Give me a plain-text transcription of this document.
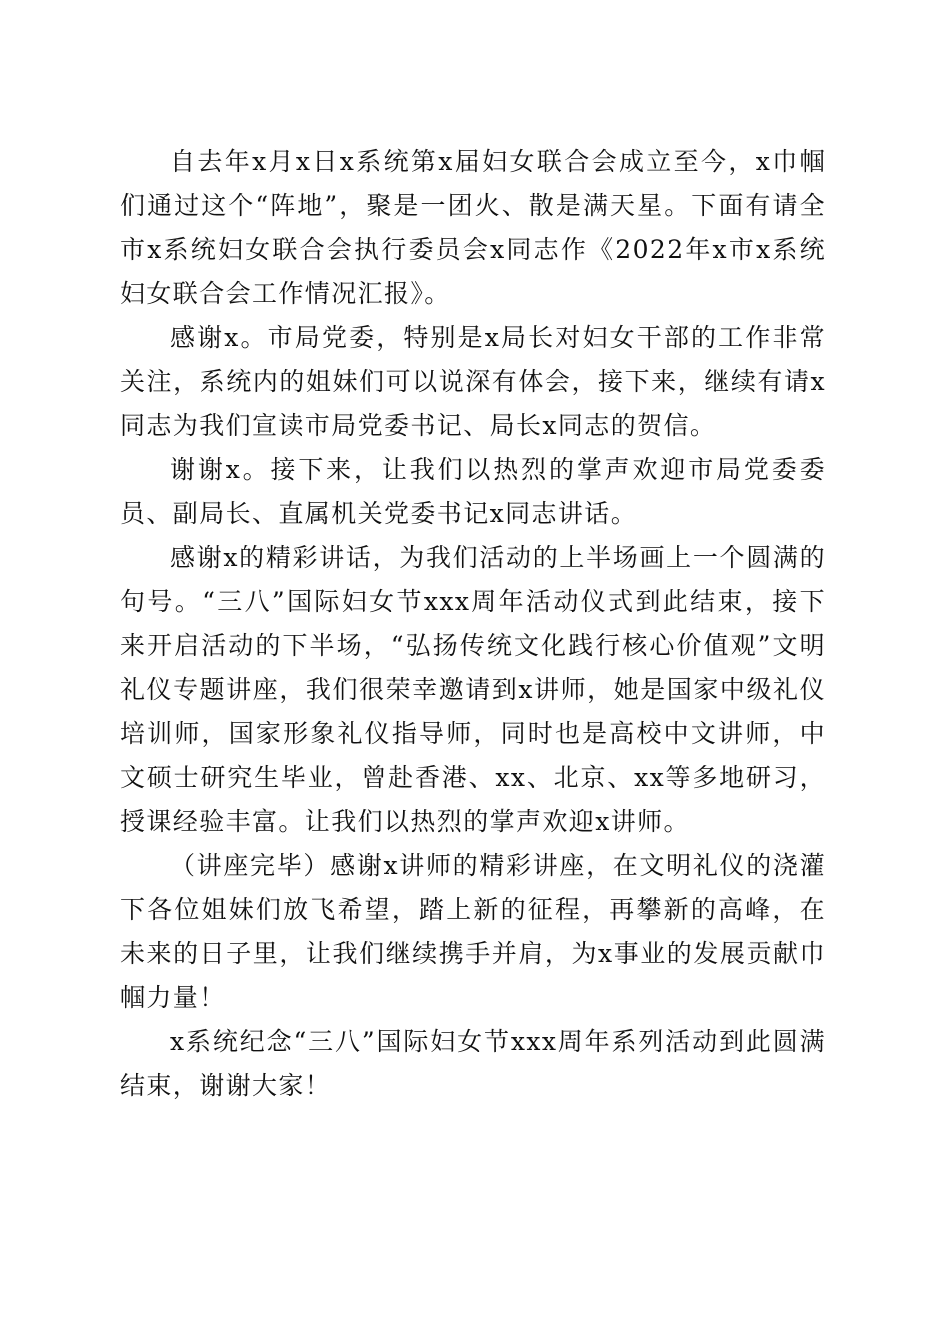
自去年x月x日x系统第x届妇女联合会成立至今，x巾帼们通过这个“阵地”，聚是一团火、散是满天星。下面有请全市x系统妇女联合会执行委员会x同志作《2022年x市x系统妇女联合会工作情况汇报》。

感谢x。市局党委，特别是x局长对妇女干部的工作非常关注，系统内的姐妹们可以说深有体会，接下来，继续有请x同志为我们宣读市局党委书记、局长x同志的贺信。

谢谢x。接下来，让我们以热烈的掌声欢迎市局党委委员、副局长、直属机关党委书记x同志讲话。

感谢x的精彩讲话，为我们活动的上半场画上一个圆满的句号。“三八”国际妇女节xxx周年活动仪式到此结束，接下来开启活动的下半场，“弘扬传统文化践行核心价值观”文明礼仪专题讲座，我们很荣幸邀请到x讲师，她是国家中级礼仪培训师，国家形象礼仪指导师，同时也是高校中文讲师，中文硕士研究生毕业，曾赴香港、xx、北京、xx等多地研习，授课经验丰富。让我们以热烈的掌声欢迎x讲师。

（讲座完毕）感谢x讲师的精彩讲座，在文明礼仪的浇灌下各位姐妹们放飞希望，踏上新的征程，再攀新的高峰，在未来的日子里，让我们继续携手并肩，为x事业的发展贡献巾帼力量！

x系统纪念“三八”国际妇女节xxx周年系列活动到此圆满结束，谢谢大家！
